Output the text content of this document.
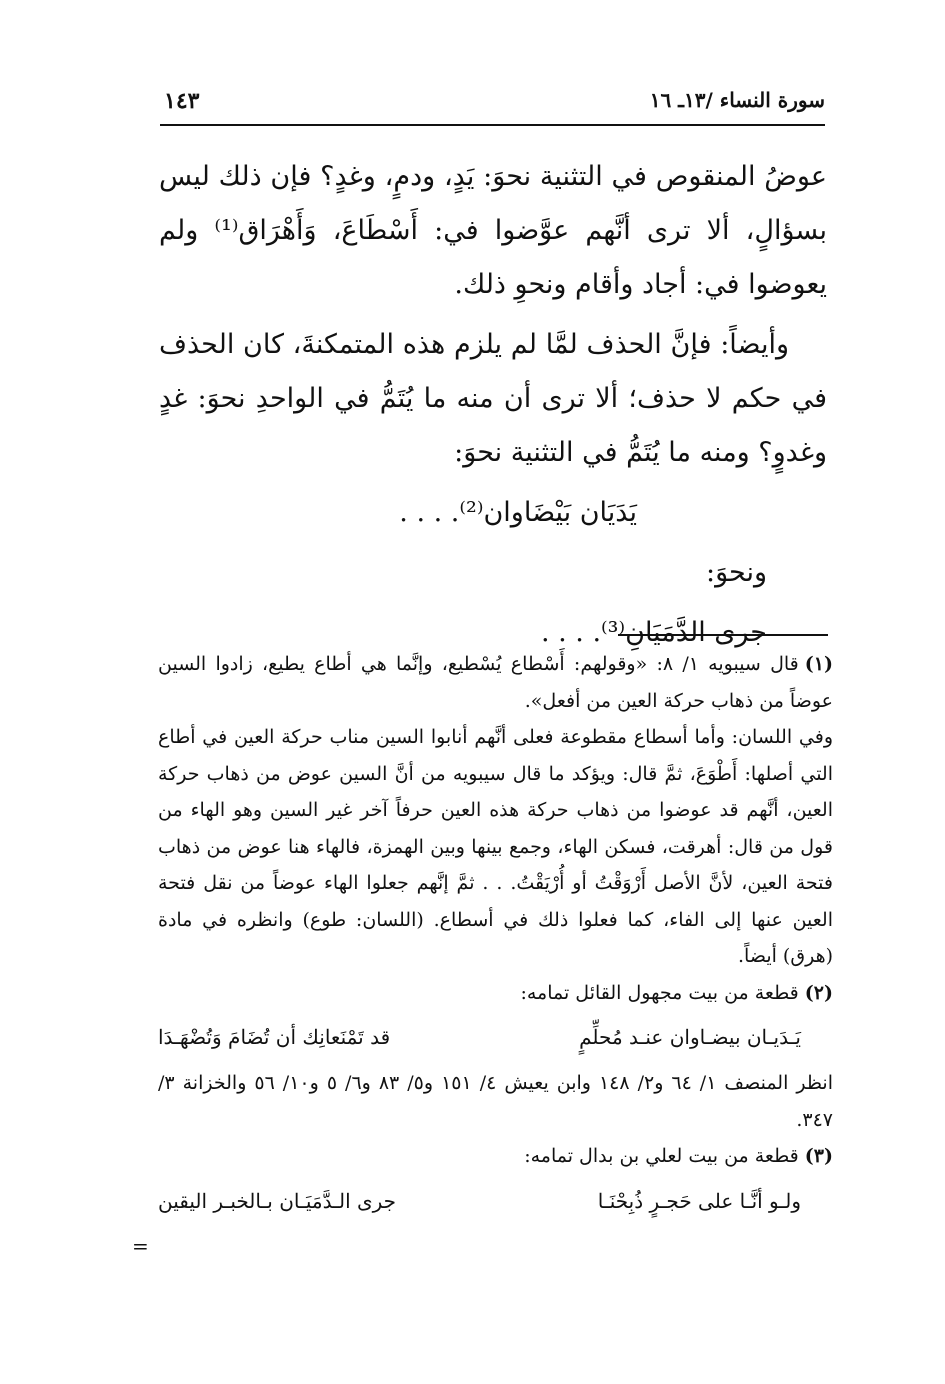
سورة النساء /١٣ـ ١٦
١٤٣

عوضُ المنقوص في التثنية نحوَ: يَدٍ، ودمٍ، وغدٍ؟ فإن ذلك ليس بسؤالٍ، ألا ترى أنَّهم عوَّضوا في: أَسْطَاعَ، وَأَهْرَاق⁽¹⁾ ولم يعوضوا في: أجاد وأقام ونحوِ ذلك.

وأيضاً: فإنَّ الحذف لمَّا لم يلزم هذه المتمكنةَ، كان الحذف في حكم لا حذف؛ ألا ترى أن منه ما يُتَمُّ في الواحدِ نحوَ: غدٍ وغدوٍ؟ ومنه ما يُتَمُّ في التثنية نحوَ:

يَدَيَان بَيْضَاوان⁽²⁾. . . .

ونحوَ:

جرى الدَّمَيَانِ⁽³⁾. . . .

(١)قال سيبويه ١/ ٨: «وقولهم: أَسْطاع يُسْطيع، وإنَّما هي أطاع يطيع، زادوا السين عوضاً من ذهاب حركة العين من أفعل».

وفي اللسان: وأما أسطاع مقطوعة فعلى أنَّهم أنابوا السين مناب حركة العين في أطاع التي أصلها: أَطْوَعَ، ثمَّ قال: ويؤكد ما قال سيبويه من أنَّ السين عوض من ذهاب حركة العين، أنَّهم قد عوضوا من ذهاب حركة هذه العين حرفاً آخر غير السين وهو الهاء من قول من قال: أهرقت، فسكن الهاء، وجمع بينها وبين الهمزة، فالهاء هنا عوض من ذهاب فتحة العين، لأنَّ الأصل أَرْوَقْتُ أو أُرْيَقْتُ. . . ثمَّ إنَّهم جعلوا الهاء عوضاً من نقل فتحة العين عنها إلى الفاء، كما فعلوا ذلك في أسطاع. (اللسان: طوع) وانظره في مادة (هرق) أيضاً.

(٢)قطعة من بيت مجهول القائل تمامه:

يَـدَيـان بيضـاوان عنـد مُحلِّمٍ
قد تَمْنَعانِك أن تُضَامَ وَتُضْهَـدَا

انظر المنصف ١/ ٦٤ و٢/ ١٤٨ وابن يعيش ٤/ ١٥١ و٥/ ٨٣ و٦/ ٥ و١٠/ ٥٦ والخزانة ٣/ ٣٤٧.

(٣)قطعة من بيت لعلي بن بدال تمامه:

ولـو أنَّـا على حَجـرٍ ذُبِحْنَـا
جرى الـدَّمَيَـان بـالخبـر اليقين
=
